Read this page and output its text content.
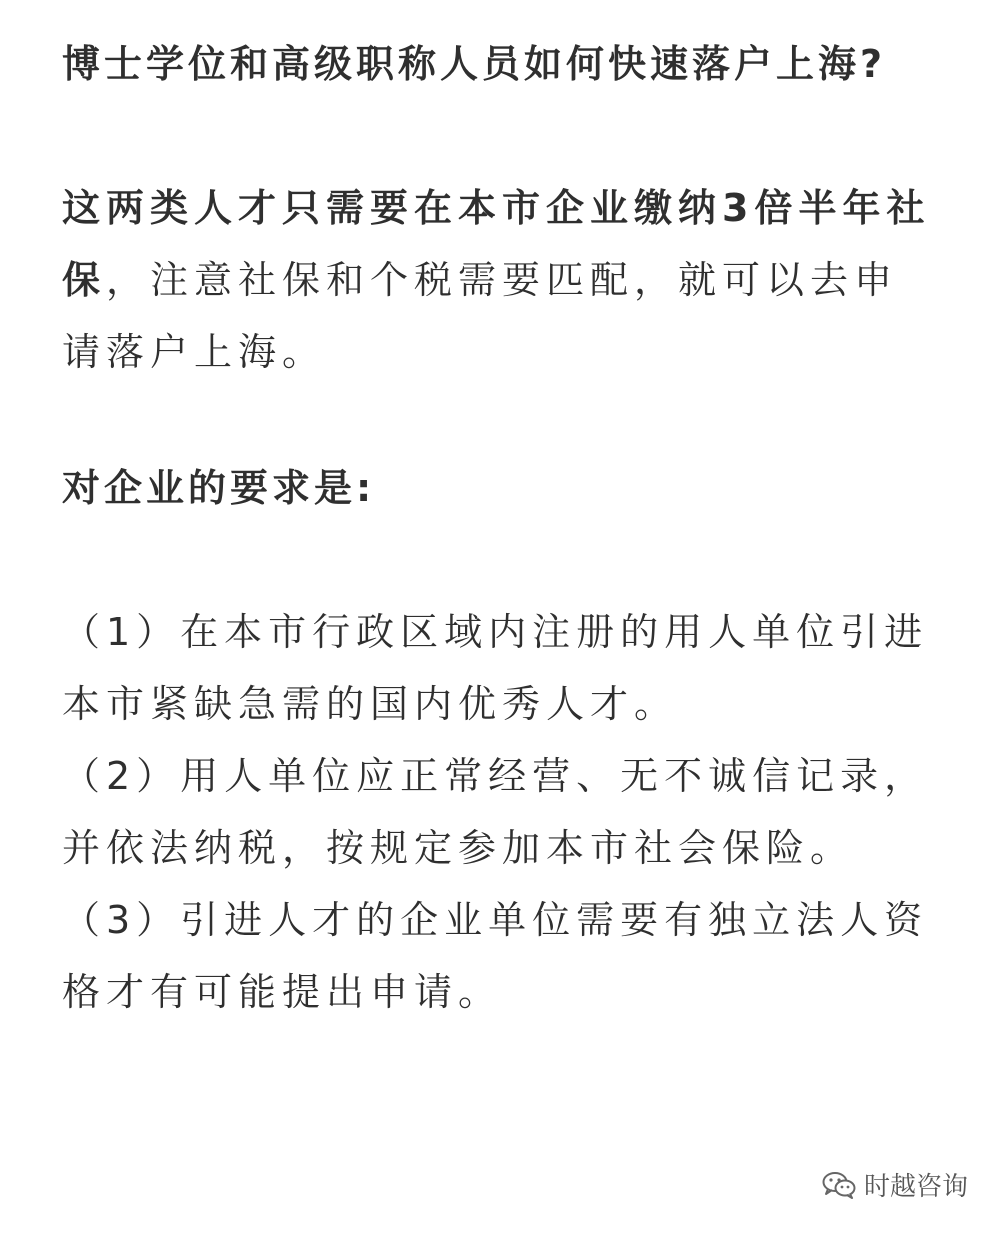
博士学位和高级职称人员如何快速落户上海?

这两类人才只需要在本市企业缴纳3倍半年社保，注意社保和个税需要匹配，就可以去申请落户上海。

对企业的要求是:

（1）在本市行政区域内注册的用人单位引进本市紧缺急需的国内优秀人才。

（2）用人单位应正常经营、无不诚信记录，并依法纳税，按规定参加本市社会保险。

（3）引进人才的企业单位需要有独立法人资格才有可能提出申请。

时越咨询
